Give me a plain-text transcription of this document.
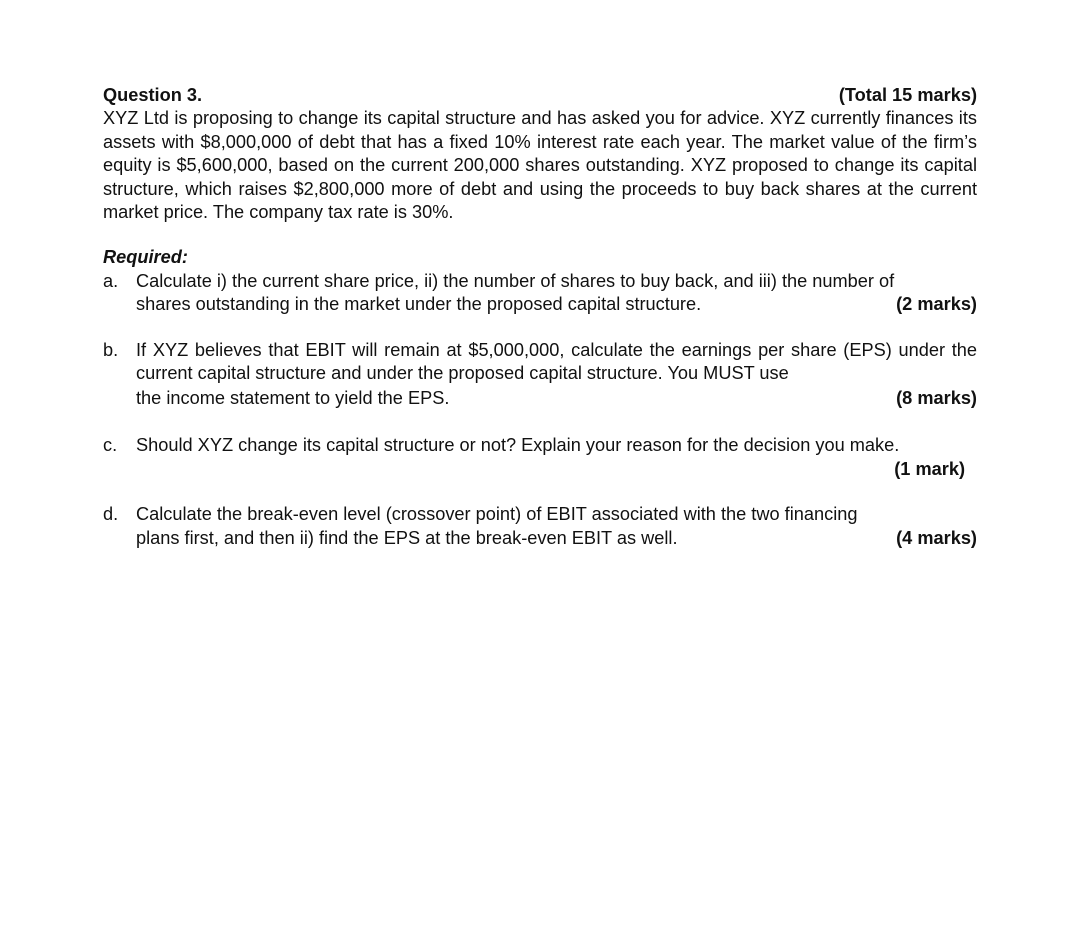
Question 3.	(Total 15 marks)
XYZ Ltd is proposing to change its capital structure and has asked you for advice. XYZ currently finances its assets with $8,000,000 of debt that has a fixed 10% interest rate each year. The market value of the firm’s equity is $5,600,000, based on the current 200,000 shares outstanding. XYZ proposed to change its capital structure, which raises $2,800,000 more of debt and using the proceeds to buy back shares at the current market price. The company tax rate is 30%.
Required:
a. Calculate i) the current share price, ii) the number of shares to buy back, and iii) the number of
shares outstanding in the market under the proposed capital structure.	(2 marks)
b. If XYZ believes that EBIT will remain at $5,000,000, calculate the earnings per share (EPS) under the current capital structure and under the proposed capital structure. You MUST use
the income statement to yield the EPS.	(8 marks)
c. Should XYZ change its capital structure or not? Explain your reason for the decision you make.
(1 mark)
d. Calculate the break-even level (crossover point) of EBIT associated with the two financing
plans first, and then ii) find the EPS at the break-even EBIT as well.	(4 marks)
